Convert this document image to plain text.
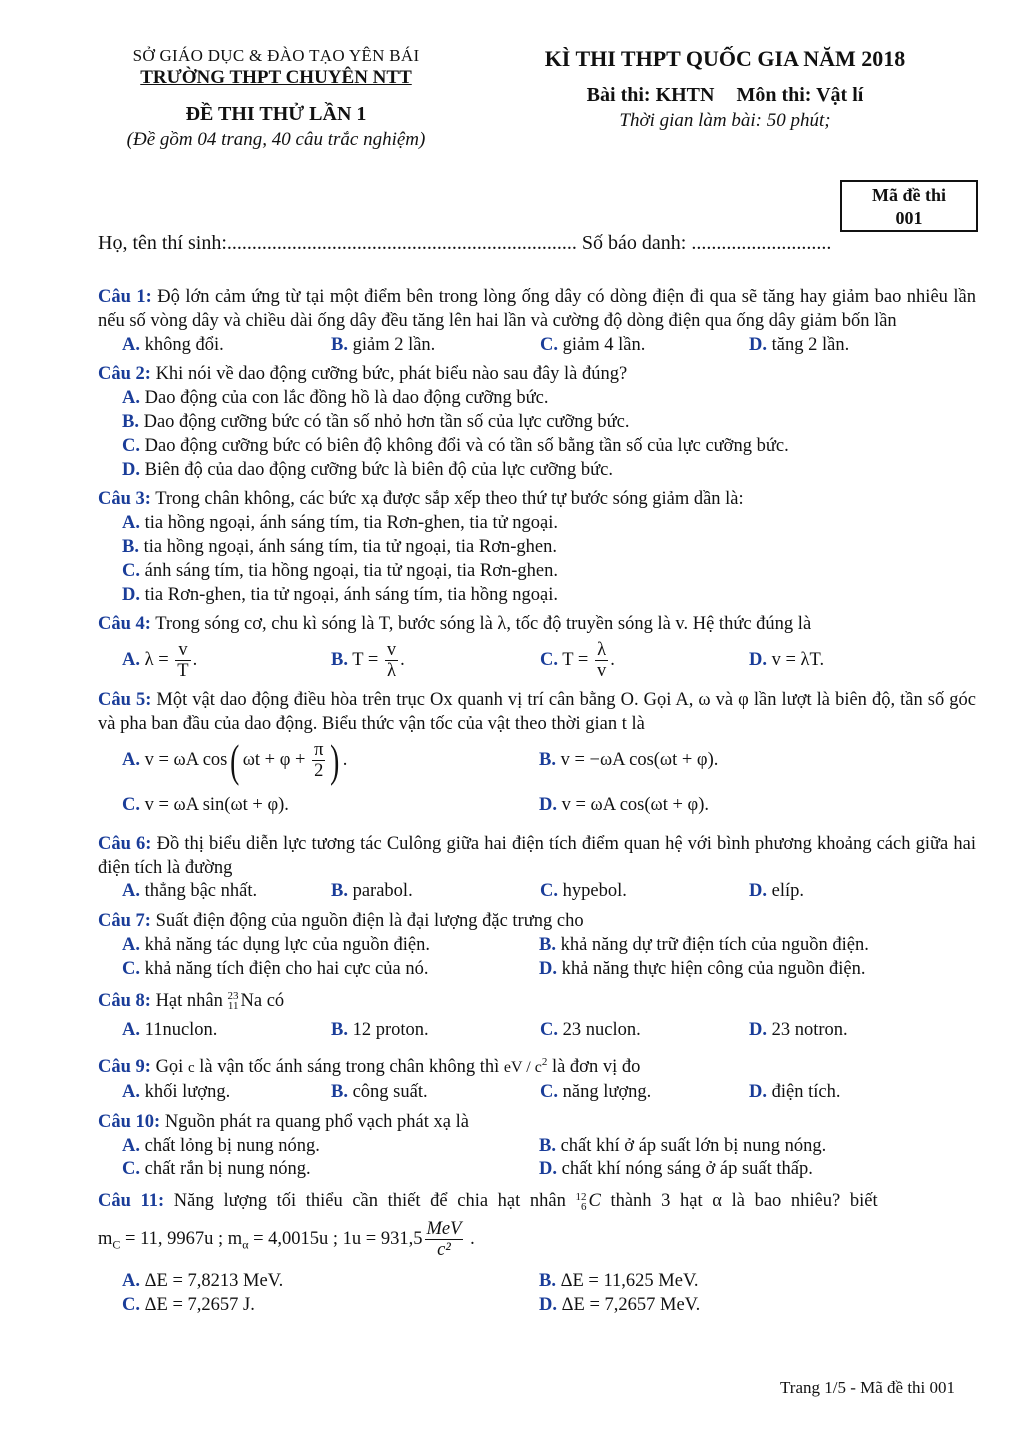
SỞ GIÁO DỤC & ĐÀO TẠO YÊN BÁI
TRƯỜNG THPT CHUYÊN NTT
ĐỀ THI THỬ LẦN 1
(Đề gồm 04 trang, 40 câu trắc nghiệm)
KÌ THI THPT QUỐC GIA NĂM 2018
Bài thi: KHTN Môn thi: Vật lí
Thời gian làm bài: 50 phút;
Mã đề thi
001
Họ, tên thí sinh:...................................................................... Số báo danh: ............................
Câu 1: Độ lớn cảm ứng từ tại một điểm bên trong lòng ống dây có dòng điện đi qua sẽ tăng hay giảm bao nhiêu lần nếu số vòng dây và chiều dài ống dây đều tăng lên hai lần và cường độ dòng điện qua ống dây giảm bốn lần
A. không đổi.	B. giảm 2 lần.	C. giảm 4 lần.	D. tăng 2 lần.
Câu 2: Khi nói về dao động cưỡng bức, phát biểu nào sau đây là đúng?
A. Dao động của con lắc đồng hồ là dao động cưỡng bức.
B. Dao động cưỡng bức có tần số nhỏ hơn tần số của lực cưỡng bức.
C. Dao động cưỡng bức có biên độ không đổi và có tần số bằng tần số của lực cưỡng bức.
D. Biên độ của dao động cưỡng bức là biên độ của lực cưỡng bức.
Câu 3: Trong chân không, các bức xạ được sắp xếp theo thứ tự bước sóng giảm dần là:
A. tia hồng ngoại, ánh sáng tím, tia Rơn-ghen, tia tử ngoại.
B. tia hồng ngoại, ánh sáng tím, tia tử ngoại, tia Rơn-ghen.
C. ánh sáng tím, tia hồng ngoại, tia tử ngoại, tia Rơn-ghen.
D. tia Rơn-ghen, tia tử ngoại, ánh sáng tím, tia hồng ngoại.
Câu 4: Trong sóng cơ, chu kì sóng là T, bước sóng là λ, tốc độ truyền sóng là v. Hệ thức đúng là
A. $\lambda = \frac{v}{T}$ .	B. $T = \frac{v}{\lambda}$ .	C. $T = \frac{\lambda}{v}$ .	D. v = λT.
Câu 5: Một vật dao động điều hòa trên trục Ox quanh vị trí cân bằng O. Gọi A, ω và φ lần lượt là biên độ, tần số góc và pha ban đầu của dao động. Biểu thức vận tốc của vật theo thời gian t là
A. v = ωA cos( $\omega t + \varphi + \frac{\pi}{2}$ ) .	B. v = −ωA cos(ωt + φ).
C. v = ωA sin(ωt + φ).	D. v = ωA cos(ωt + φ).
Câu 6: Đồ thị biểu diễn lực tương tác Culông giữa hai điện tích điểm quan hệ với bình phương khoảng cách giữa hai điện tích là đường
A. thẳng bậc nhất.	B. parabol.	C. hypebol.	D. elíp.
Câu 7: Suất điện động của nguồn điện là đại lượng đặc trưng cho
A. khả năng tác dụng lực của nguồn điện.	B. khả năng dự trữ điện tích của nguồn điện.
C. khả năng tích điện cho hai cực của nó.	D. khả năng thực hiện công của nguồn điện.
Câu 8: Hạt nhân 23
11 Na có
A. 11nuclon.	B. 12 proton.	C. 23 nuclon.	D. 23 notron.
Câu 9: Gọi c là vận tốc ánh sáng trong chân không thì eV / $c^2$ là đơn vị đo
A. khối lượng.	B. công suất.	C. năng lượng.	D. điện tích.
Câu 10: Nguồn phát ra quang phổ vạch phát xạ là
A. chất lỏng bị nung nóng.	B. chất khí ở áp suất lớn bị nung nóng.
C. chất rắn bị nung nóng.	D. chất khí nóng sáng ở áp suất thấp.
Câu 11: Năng lượng tối thiểu cần thiết để chia hạt nhân 12
6 C thành 3 hạt α là bao nhiêu? biết
$m_C = 11$, 9967u ; $m_\alpha = 4,0015u$ ; $1u = 931,5 \frac{\text{MeV}}{\text{c²}}$ .
A. ΔE = 7,8213 MeV.	B. ΔE = 11,625 MeV.
C. ΔE = 7,2657 J.	D. ΔE = 7,2657 MeV.
Trang 1/5 - Mã đề thi 001
